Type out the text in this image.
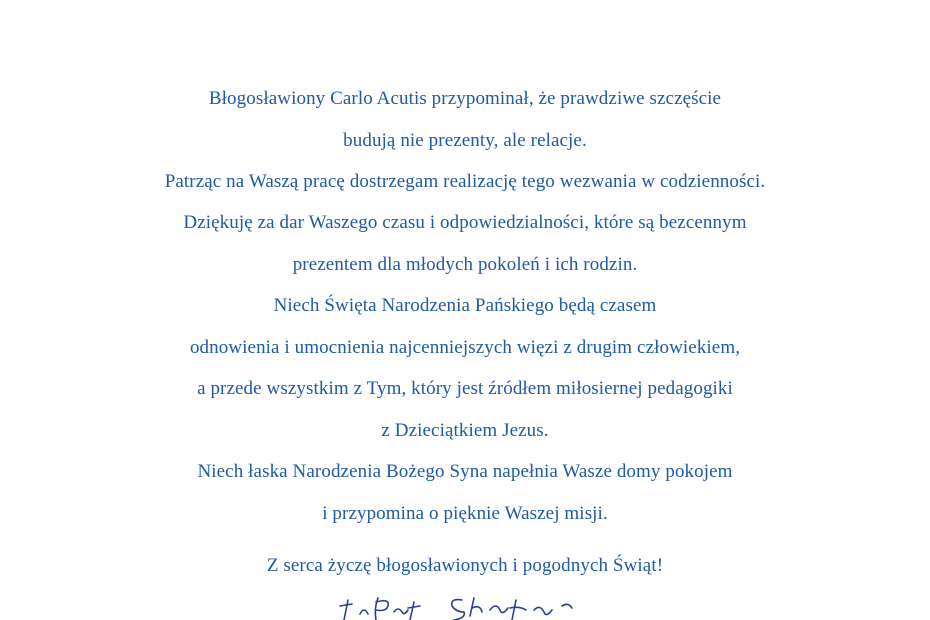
Błogosławiony Carlo Acutis przypominał, że prawdziwe szczęście
budują nie prezenty, ale relacje.
Patrząc na Waszą pracę dostrzegam realizację tego wezwania w codzienności.
Dziękuję za dar Waszego czasu i odpowiedzialności, które są bezcennym
prezentem dla młodych pokoleń i ich rodzin.
Niech Święta Narodzenia Pańskiego będą czasem
odnowienia i umocnienia najcenniejszych więzi z drugim człowiekiem,
a przede wszystkim z Tym, który jest źródłem miłosiernej pedagogiki
z Dzieciątkiem Jezus.
Niech łaska Narodzenia Bożego Syna napełnia Wasze domy pokojem
i przypomina o pięknie Waszej misji.
Z serca życzę błogosławionych i pogodnych Świąt!
